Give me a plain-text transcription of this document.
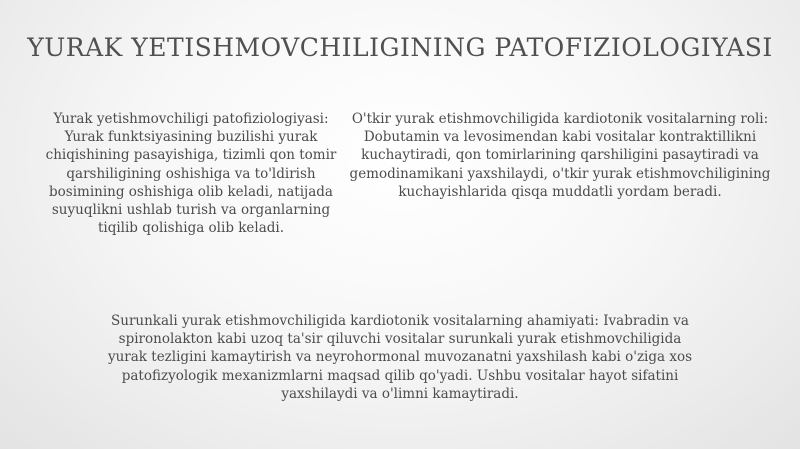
YURAK YETISHMOVCHILIGINING PATOFIZIOLOGIYASI

Yurak yetishmovchiligi patofiziologiyasi: Yurak funktsiyasining buzilishi yurak chiqishining pasayishiga, tizimli qon tomir qarshiligining oshishiga va to'ldirish bosimining oshishiga olib keladi, natijada suyuqlikni ushlab turish va organlarning tiqilib qolishiga olib keladi.

O'tkir yurak etishmovchiligida kardiotonik vositalarning roli: Dobutamin va levosimendan kabi vositalar kontraktillikni kuchaytiradi, qon tomirlarining qarshiligini pasaytiradi va gemodinamikani yaxshilaydi, o'tkir yurak etishmovchiligining kuchayishlarida qisqa muddatli yordam beradi.

Surunkali yurak etishmovchiligida kardiotonik vositalarning ahamiyati: Ivabradin va spironolakton kabi uzoq ta'sir qiluvchi vositalar surunkali yurak etishmovchiligida yurak tezligini kamaytirish va neyrohormonal muvozanatni yaxshilash kabi o'ziga xos patofizyologik mexanizmlarni maqsad qilib qo'yadi. Ushbu vositalar hayot sifatini yaxshilaydi va o'limni kamaytiradi.
